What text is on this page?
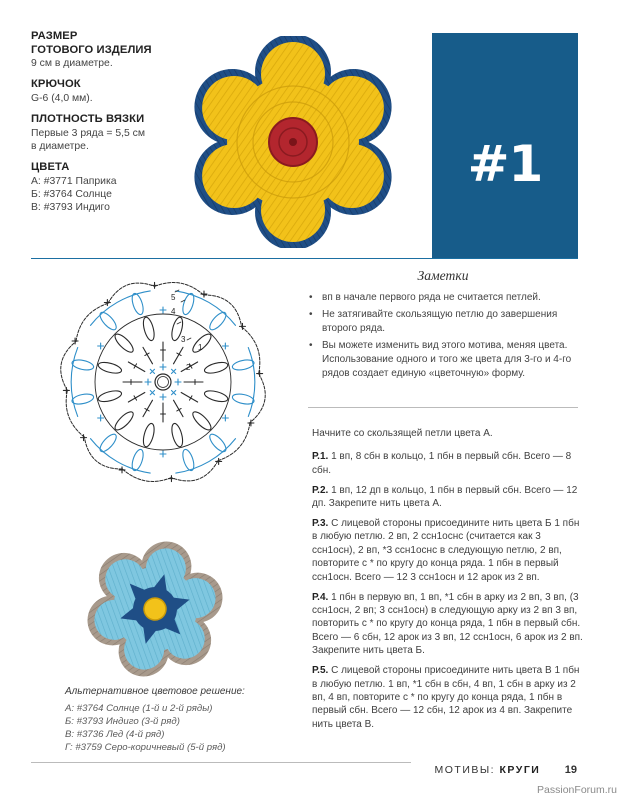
РАЗМЕР
ГОТОВОГО ИЗДЕЛИЯ
9 см в диаметре.
КРЮЧОК
G-6 (4,0 мм).
ПЛОТНОСТЬ ВЯЗКИ
Первые 3 ряда = 5,5 см
в диаметре.
ЦВЕТА
А: #3771 Паприка
Б: #3764 Солнце
В: #3793 Индиго
#1
1
2
3
4
5
Заметки
• вп в начале первого ряда не считается петлей.
• Не затягивайте скользящую петлю до завершения второго ряда.
• Вы можете изменить вид этого мотива, меняя цвета. Использование одного и того же цвета для 3-го и 4-го рядов создает единую «цветочную» форму.

Начните со скользящей петли цвета А.

Р.1. 1 вп, 8 сбн в кольцо, 1 пбн в первый сбн. Всего — 8 сбн.

Р.2. 1 вп, 12 дп в кольцо, 1 пбн в первый сбн. Всего — 12 дп. Закрепите нить цвета А.

Р.3. С лицевой стороны присоедините нить цвета Б 1 пбн в любую петлю. 2 вп, 2 ссн1оснс (считается как 3 ссн1осн), 2 вп, *3 ссн1оснс в следующую петлю, 2 вп, повторите с * по кругу до конца ряда. 1 пбн в первый ссн1осн. Всего — 12 3 ссн1осн и 12 арок из 2 вп.

Р.4. 1 пбн в первую вп, 1 вп, *1 сбн в арку из 2 вп, 3 вп, (3 ссн1осн, 2 вп; 3 ссн1осн) в следующую арку из 2 вп 3 вп, повторить с * по кругу до конца ряда, 1 пбн в первый сбн. Всего — 6 сбн, 12 арок из 3 вп, 12 ссн1осн, 6 арок из 2 вп. Закрепите нить цвета Б.

Р.5. С лицевой стороны присоедините нить цвета В 1 пбн в любую петлю. 1 вп, *1 сбн в сбн, 4 вп, 1 сбн в арку из 2 вп, 4 вп, повторите с * по кругу до конца ряда, 1 пбн в первый сбн. Всего — 12 сбн, 12 арок из 4 вп. Закрепите нить цвета В.

Альтернативное цветовое решение:
А: #3764 Солнце (1-й и 2-й ряды)
Б: #3793 Индиго (3-й ряд)
В: #3736 Лед (4-й ряд)
Г: #3759 Серо-коричневый (5-й ряд)
МОТИВЫ: КРУГИ 19
PassionForum.ru
